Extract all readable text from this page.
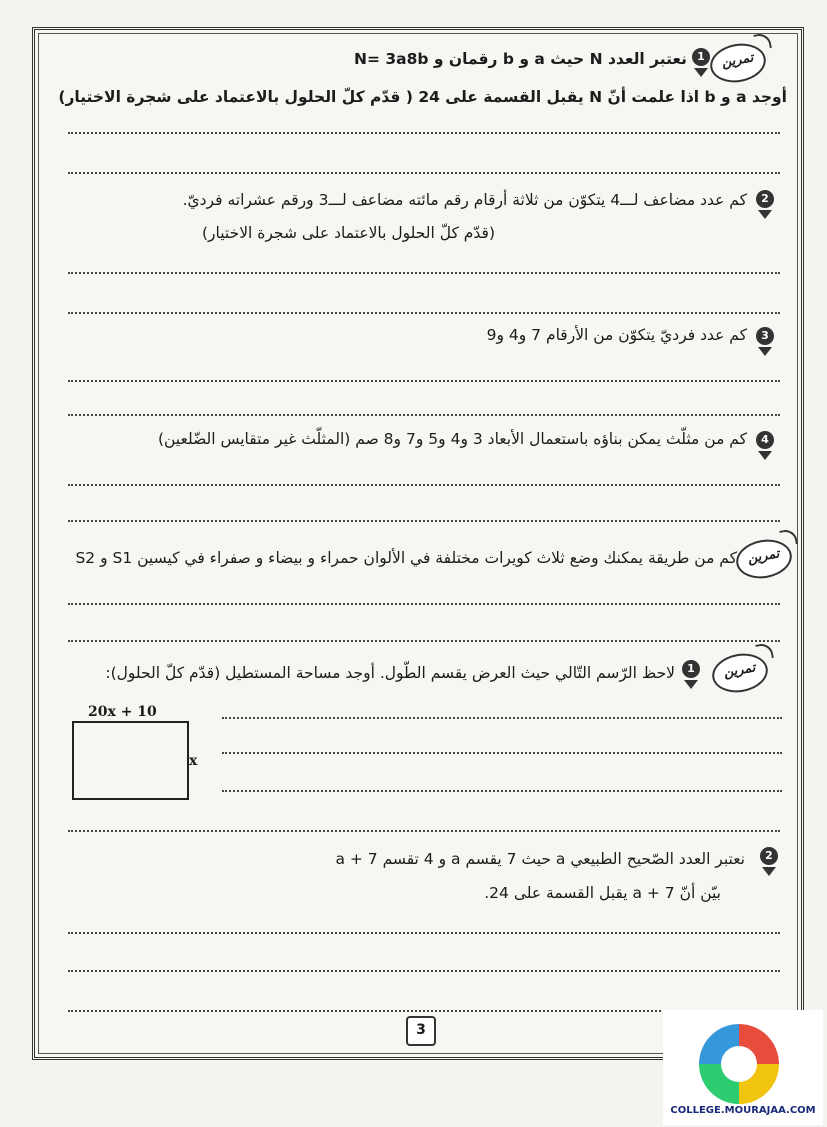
تمرين
1
نعتبر العدد N حيث a و b رقمان و N= 3a8b
أوجد a و b اذا علمت أنّ N يقبل القسمة على 24 ( قدّم كلّ الحلول بالاعتماد على شجرة الاختيار)
2
كم عدد مضاعف لـــ4 يتكوّن من ثلاثة أرقام رقم مائته مضاعف لـــ3 ورقم عشراته فرديّ.
(قدّم كلّ الحلول بالاعتماد على شجرة الاختيار)
3
كم عدد فرديّ يتكوّن من الأرقام 7 و4 و9
4
كم من مثلّث يمكن بناؤه باستعمال الأبعاد 3 و4 و5 و7 و8 صم (المثلّث غير متقايس الضّلعين)
تمرين
كم من طريقة يمكنك وضع ثلاث كويرات مختلفة في الألوان حمراء و بيضاء و صفراء في كيسين S1 و S2
تمرين
1
لاحظ الرّسم التّالي حيث العرض يقسم الطّول. أوجد مساحة المستطيل (قدّم كلّ الحلول):
20x + 10
x
2
نعتبر العدد الصّحيح الطبيعي a حيث 7 يقسم a و 4 تقسم a + 7
بيّن أنّ a + 7 يقبل القسمة على 24.
3
COLLEGE.MOURAJAA.COM
